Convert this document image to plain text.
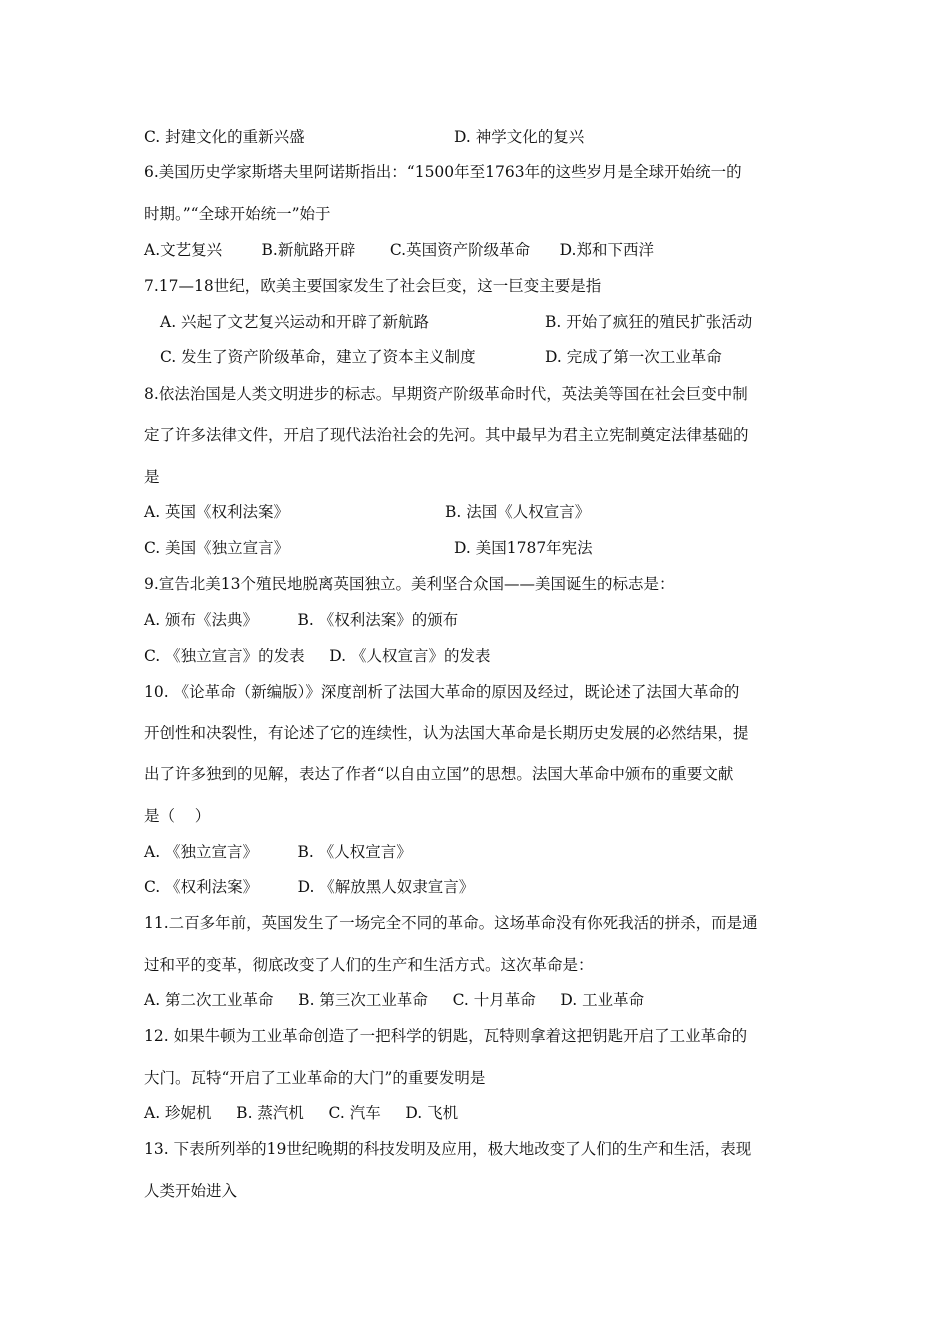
C. 封建文化的重新兴盛	D. 神学文化的复兴
6.美国历史学家斯塔夫里阿诺斯指出：“1500年至1763年的这些岁月是全球开始统一的
时期。”“全球开始统一”始于
A.文艺复兴        B.新航路开辟       C.英国资产阶级革命      D.郑和下西洋
7.17—18世纪，欧美主要国家发生了社会巨变，这一巨变主要是指
A. 兴起了文艺复兴运动和开辟了新航路	B. 开始了疯狂的殖民扩张活动
C. 发生了资产阶级革命，建立了资本主义制度	D. 完成了第一次工业革命
8.依法治国是人类文明进步的标志。早期资产阶级革命时代，英法美等国在社会巨变中制
定了许多法律文件，开启了现代法治社会的先河。其中最早为君主立宪制奠定法律基础的
是
A. 英国《权利法案》	B. 法国《人权宣言》
C. 美国《独立宣言》	D. 美国1787年宪法
9.宣告北美13个殖民地脱离英国独立。美利坚合众国——美国诞生的标志是：
A. 颁布《法典》        B. 《权利法案》的颁布
C. 《独立宣言》的发表     D. 《人权宣言》的发表
10. 《论革命（新编版）》深度剖析了法国大革命的原因及经过，既论述了法国大革命的
开创性和决裂性，有论述了它的连续性，认为法国大革命是长期历史发展的必然结果，提
出了许多独到的见解，表达了作者“以自由立国”的思想。法国大革命中颁布的重要文献
是（    ）
A. 《独立宣言》        B. 《人权宣言》
C. 《权利法案》        D. 《解放黑人奴隶宣言》
11.二百多年前，英国发生了一场完全不同的革命。这场革命没有你死我活的拼杀，而是通
过和平的变革，彻底改变了人们的生产和生活方式。这次革命是：
A. 第二次工业革命     B. 第三次工业革命     C. 十月革命     D. 工业革命
12. 如果牛顿为工业革命创造了一把科学的钥匙，瓦特则拿着这把钥匙开启了工业革命的
大门。瓦特“开启了工业革命的大门”的重要发明是
A. 珍妮机     B. 蒸汽机     C. 汽车     D. 飞机
13. 下表所列举的19世纪晚期的科技发明及应用，极大地改变了人们的生产和生活，表现
人类开始进入
